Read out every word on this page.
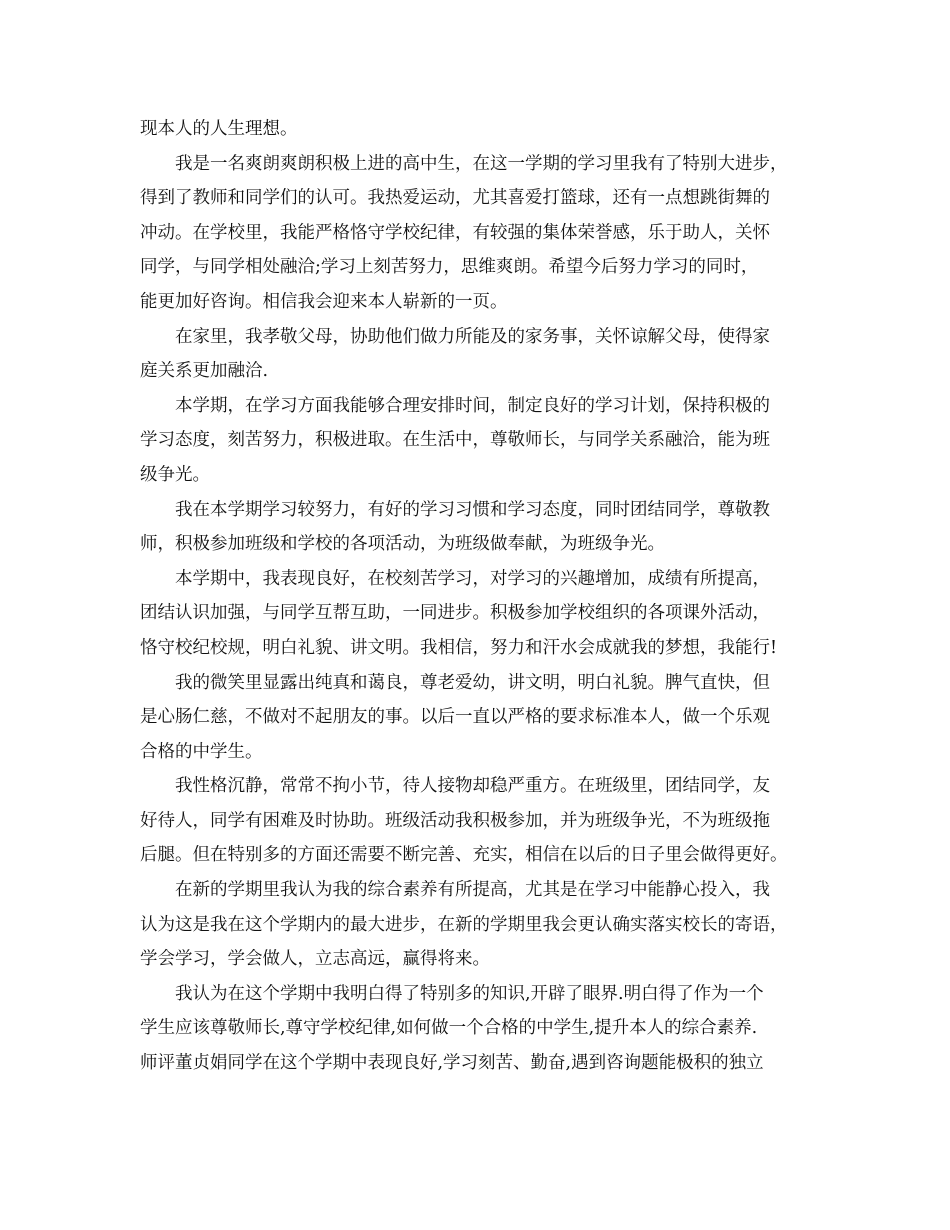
现本人的人生理想。

　　我是一名爽朗爽朗积极上进的高中生，在这一学期的学习里我有了特别大进步，

得到了教师和同学们的认可。我热爱运动，尤其喜爱打篮球，还有一点想跳街舞的

冲动。在学校里，我能严格恪守学校纪律，有较强的集体荣誉感，乐于助人，关怀

同学，与同学相处融洽;学习上刻苦努力，思维爽朗。希望今后努力学习的同时，

能更加好咨询。相信我会迎来本人崭新的一页。

　　在家里，我孝敬父母，协助他们做力所能及的家务事，关怀谅解父母，使得家

庭关系更加融洽.

　　本学期，在学习方面我能够合理安排时间，制定良好的学习计划，保持积极的

学习态度，刻苦努力，积极进取。在生活中，尊敬师长，与同学关系融洽，能为班

级争光。

　　我在本学期学习较努力，有好的学习习惯和学习态度，同时团结同学，尊敬教

师，积极参加班级和学校的各项活动，为班级做奉献，为班级争光。

　　本学期中，我表现良好，在校刻苦学习，对学习的兴趣增加，成绩有所提高，

团结认识加强，与同学互帮互助，一同进步。积极参加学校组织的各项课外活动，

恪守校纪校规，明白礼貌、讲文明。我相信，努力和汗水会成就我的梦想，我能行!

　　我的微笑里显露出纯真和蔼良，尊老爱幼，讲文明，明白礼貌。脾气直快，但

是心肠仁慈，不做对不起朋友的事。以后一直以严格的要求标准本人，做一个乐观

合格的中学生。

　　我性格沉静，常常不拘小节，待人接物却稳严重方。在班级里，团结同学，友

好待人，同学有困难及时协助。班级活动我积极参加，并为班级争光，不为班级拖

后腿。但在特别多的方面还需要不断完善、充实，相信在以后的日子里会做得更好。

　　在新的学期里我认为我的综合素养有所提高，尤其是在学习中能静心投入，我

认为这是我在这个学期内的最大进步，在新的学期里我会更认确实落实校长的寄语，

学会学习，学会做人，立志高远，赢得将来。

　　我认为在这个学期中我明白得了特别多的知识,开辟了眼界.明白得了作为一个

学生应该尊敬师长,尊守学校纪律,如何做一个合格的中学生,提升本人的综合素养.

师评董贞娟同学在这个学期中表现良好,学习刻苦、勤奋,遇到咨询题能极积的独立
